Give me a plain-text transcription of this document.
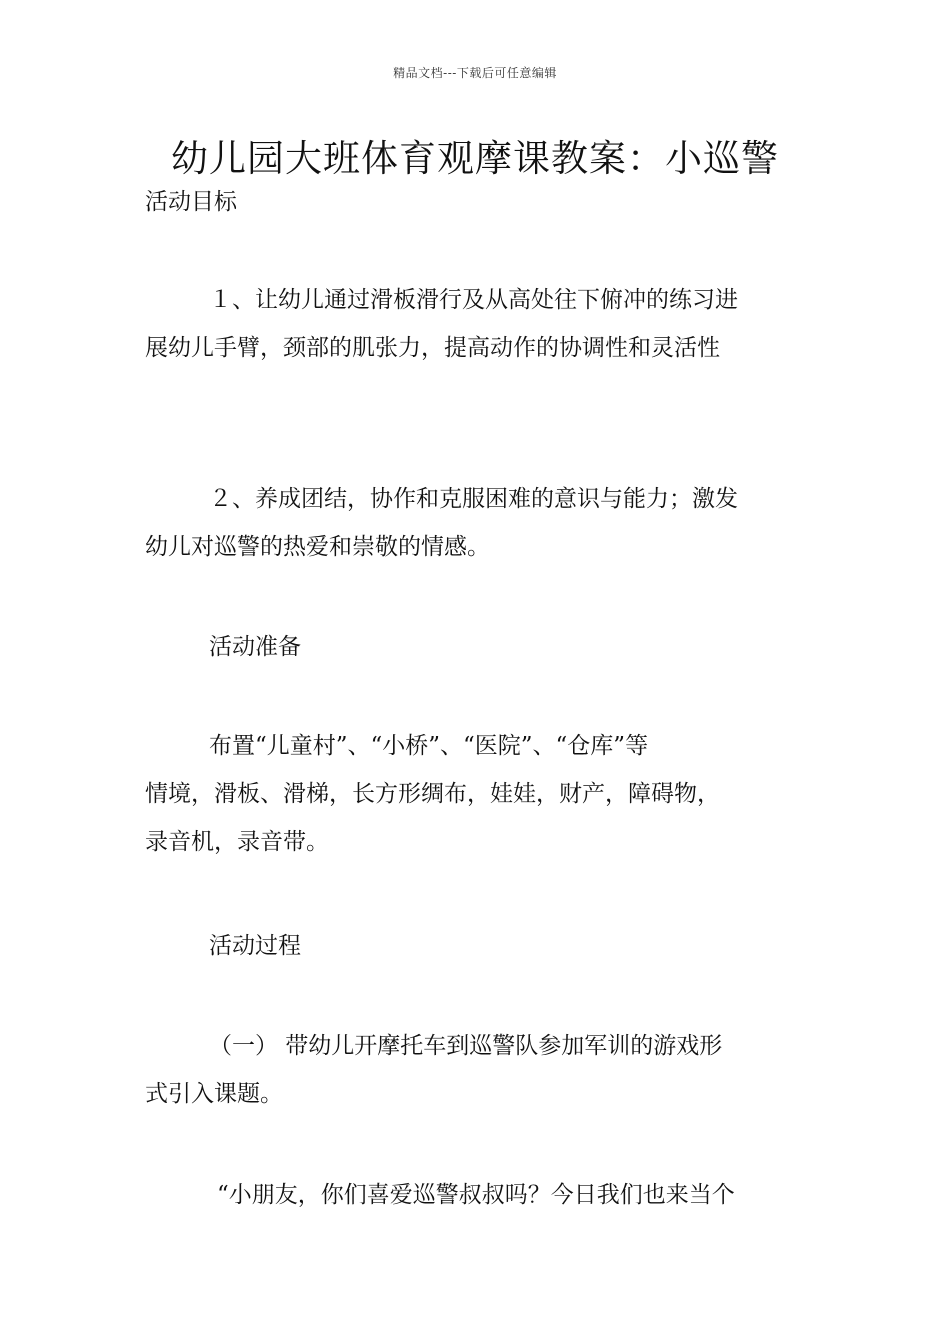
精品文档---下载后可任意编辑
幼儿园大班体育观摩课教案：小巡警
活动目标
１、让幼儿通过滑板滑行及从高处往下俯冲的练习进
展幼儿手臂，颈部的肌张力，提高动作的协调性和灵活性
２、养成团结，协作和克服困难的意识与能力；激发
幼儿对巡警的热爱和崇敬的情感。
活动准备
布置“儿童村”、“小桥”、“医院”、“仓库”等
情境，滑板、滑梯，长方形绸布，娃娃，财产，障碍物，
录音机，录音带。
活动过程
（一） 带幼儿开摩托车到巡警队参加军训的游戏形
式引入课题。
“小朋友，你们喜爱巡警叔叔吗？今日我们也来当个
